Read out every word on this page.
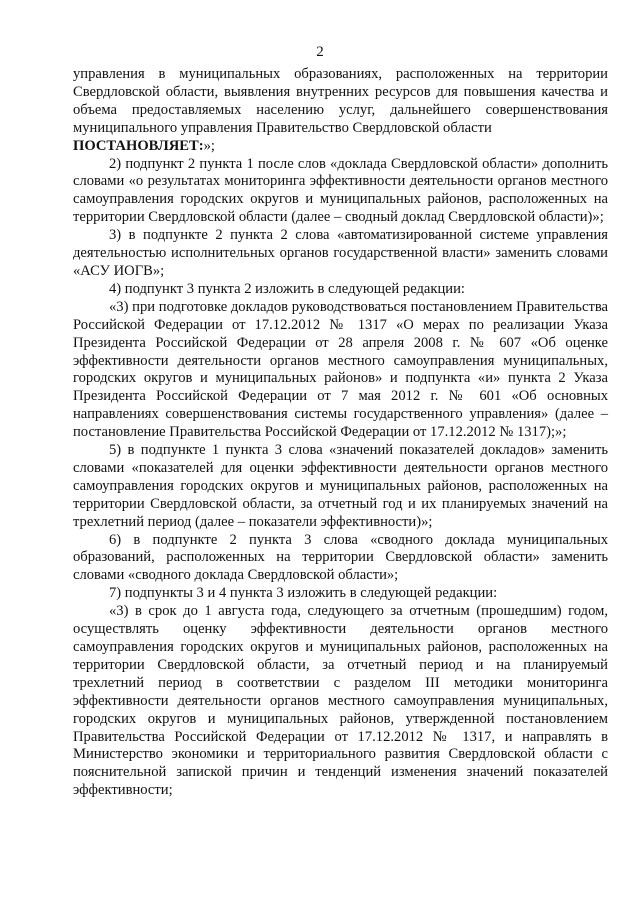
2

управления в муниципальных образованиях, расположенных на территории Свердловской области, выявления внутренних ресурсов для повышения качества и объема предоставляемых населению услуг, дальнейшего совершенствования муниципального управления Правительство Свердловской области

ПОСТАНОВЛЯЕТ:»;

2) подпункт 2 пункта 1 после слов «доклада Свердловской области» дополнить словами «о результатах мониторинга эффективности деятельности органов местного самоуправления городских округов и муниципальных районов, расположенных на территории Свердловской области (далее – сводный доклад Свердловской области)»;

3) в подпункте 2 пункта 2 слова «автоматизированной системе управления деятельностью исполнительных органов государственной власти» заменить словами «АСУ ИОГВ»;

4) подпункт 3 пункта 2 изложить в следующей редакции:

«3) при подготовке докладов руководствоваться постановлением Правительства Российской Федерации от 17.12.2012 № 1317 «О мерах по реализации Указа Президента Российской Федерации от 28 апреля 2008 г. № 607 «Об оценке эффективности деятельности органов местного самоуправления муниципальных, городских округов и муниципальных районов» и подпункта «и» пункта 2 Указа Президента Российской Федерации от 7 мая 2012 г. № 601 «Об основных направлениях совершенствования системы государственного управления» (далее – постановление Правительства Российской Федерации от 17.12.2012 № 1317);»;

5) в подпункте 1 пункта 3 слова «значений показателей докладов» заменить словами «показателей для оценки эффективности деятельности органов местного самоуправления городских округов и муниципальных районов, расположенных на территории Свердловской области, за отчетный год и их планируемых значений на трехлетний период (далее – показатели эффективности)»;

6) в подпункте 2 пункта 3 слова «сводного доклада муниципальных образований, расположенных на территории Свердловской области» заменить словами «сводного доклада Свердловской области»;

7) подпункты 3 и 4 пункта 3 изложить в следующей редакции:

«3) в срок до 1 августа года, следующего за отчетным (прошедшим) годом, осуществлять оценку эффективности деятельности органов местного самоуправления городских округов и муниципальных районов, расположенных на территории Свердловской области, за отчетный период и на планируемый трехлетний период в соответствии с разделом III методики мониторинга эффективности деятельности органов местного самоуправления муниципальных, городских округов и муниципальных районов, утвержденной постановлением Правительства Российской Федерации от 17.12.2012 № 1317, и направлять в Министерство экономики и территориального развития Свердловской области с пояснительной запиской причин и тенденций изменения значений показателей эффективности;
